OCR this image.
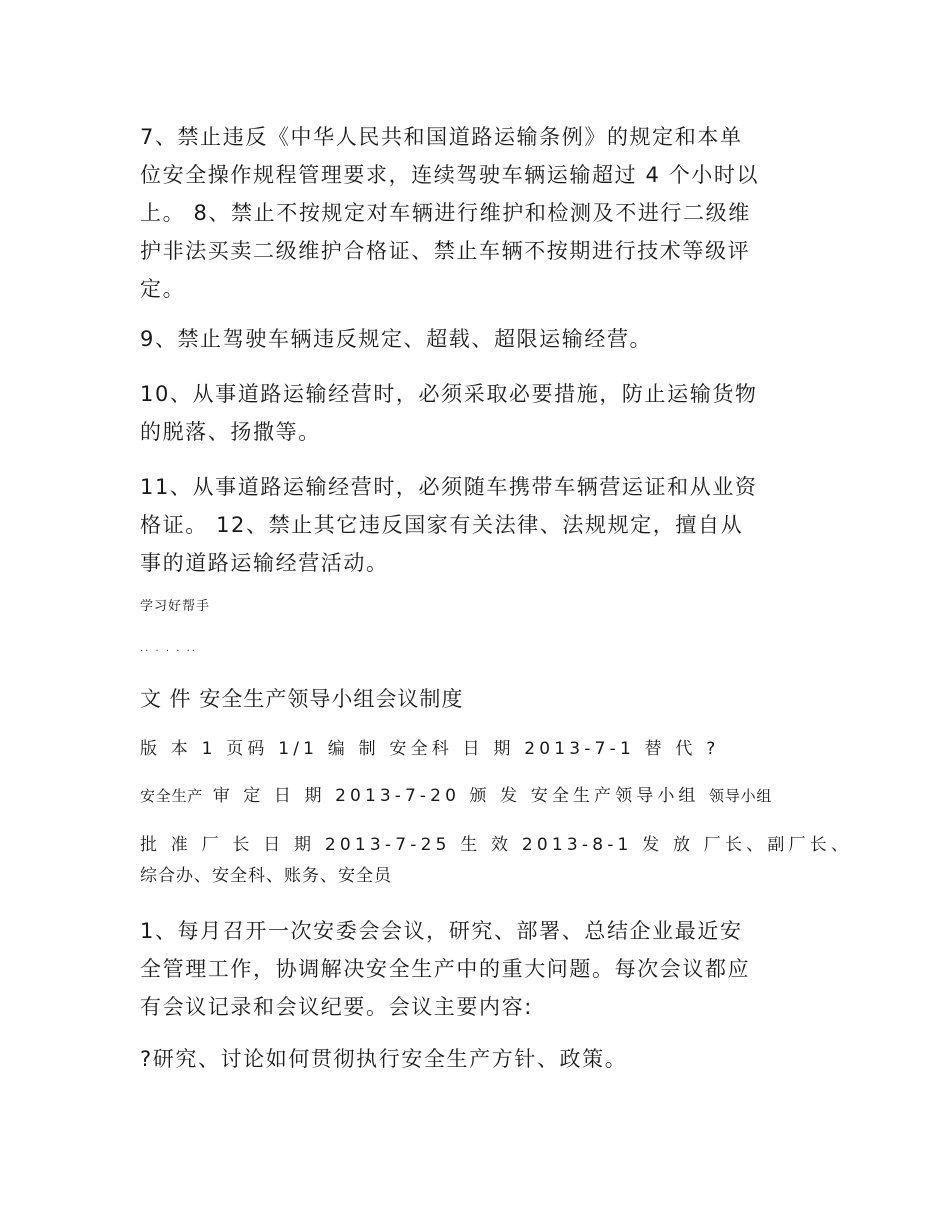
7、禁止违反《中华人民共和国道路运输条例》的规定和本单
位安全操作规程管理要求，连续驾驶车辆运输超过 4 个小时以
上。 8、禁止不按规定对车辆进行维护和检测及不进行二级维
护非法买卖二级维护合格证、禁止车辆不按期进行技术等级评
定。
9、禁止驾驶车辆违反规定、超载、超限运输经营。
10、从事道路运输经营时，必须采取必要措施，防止运输货物
的脱落、扬撒等。
11、从事道路运输经营时，必须随车携带车辆营运证和从业资
格证。 12、禁止其它违反国家有关法律、法规规定，擅自从
事的道路运输经营活动。
学习好帮手
.. . . . ..
文 件 安全生产领导小组会议制度
版 本 1 页码 1/1 编 制 安全科 日 期 2013-7-1 替 代 ?
安全生产 审 定 日 期 2013-7-20 颁 发 安全生产领导小组 领导小组
批 准 厂 长 日 期 2013-7-25 生 效 2013-8-1 发 放 厂长、副厂长、
综合办、安全科、账务、安全员
1、每月召开一次安委会会议，研究、部署、总结企业最近安
全管理工作，协调解决安全生产中的重大问题。每次会议都应
有会议记录和会议纪要。会议主要内容:
?研究、讨论如何贯彻执行安全生产方针、政策。
